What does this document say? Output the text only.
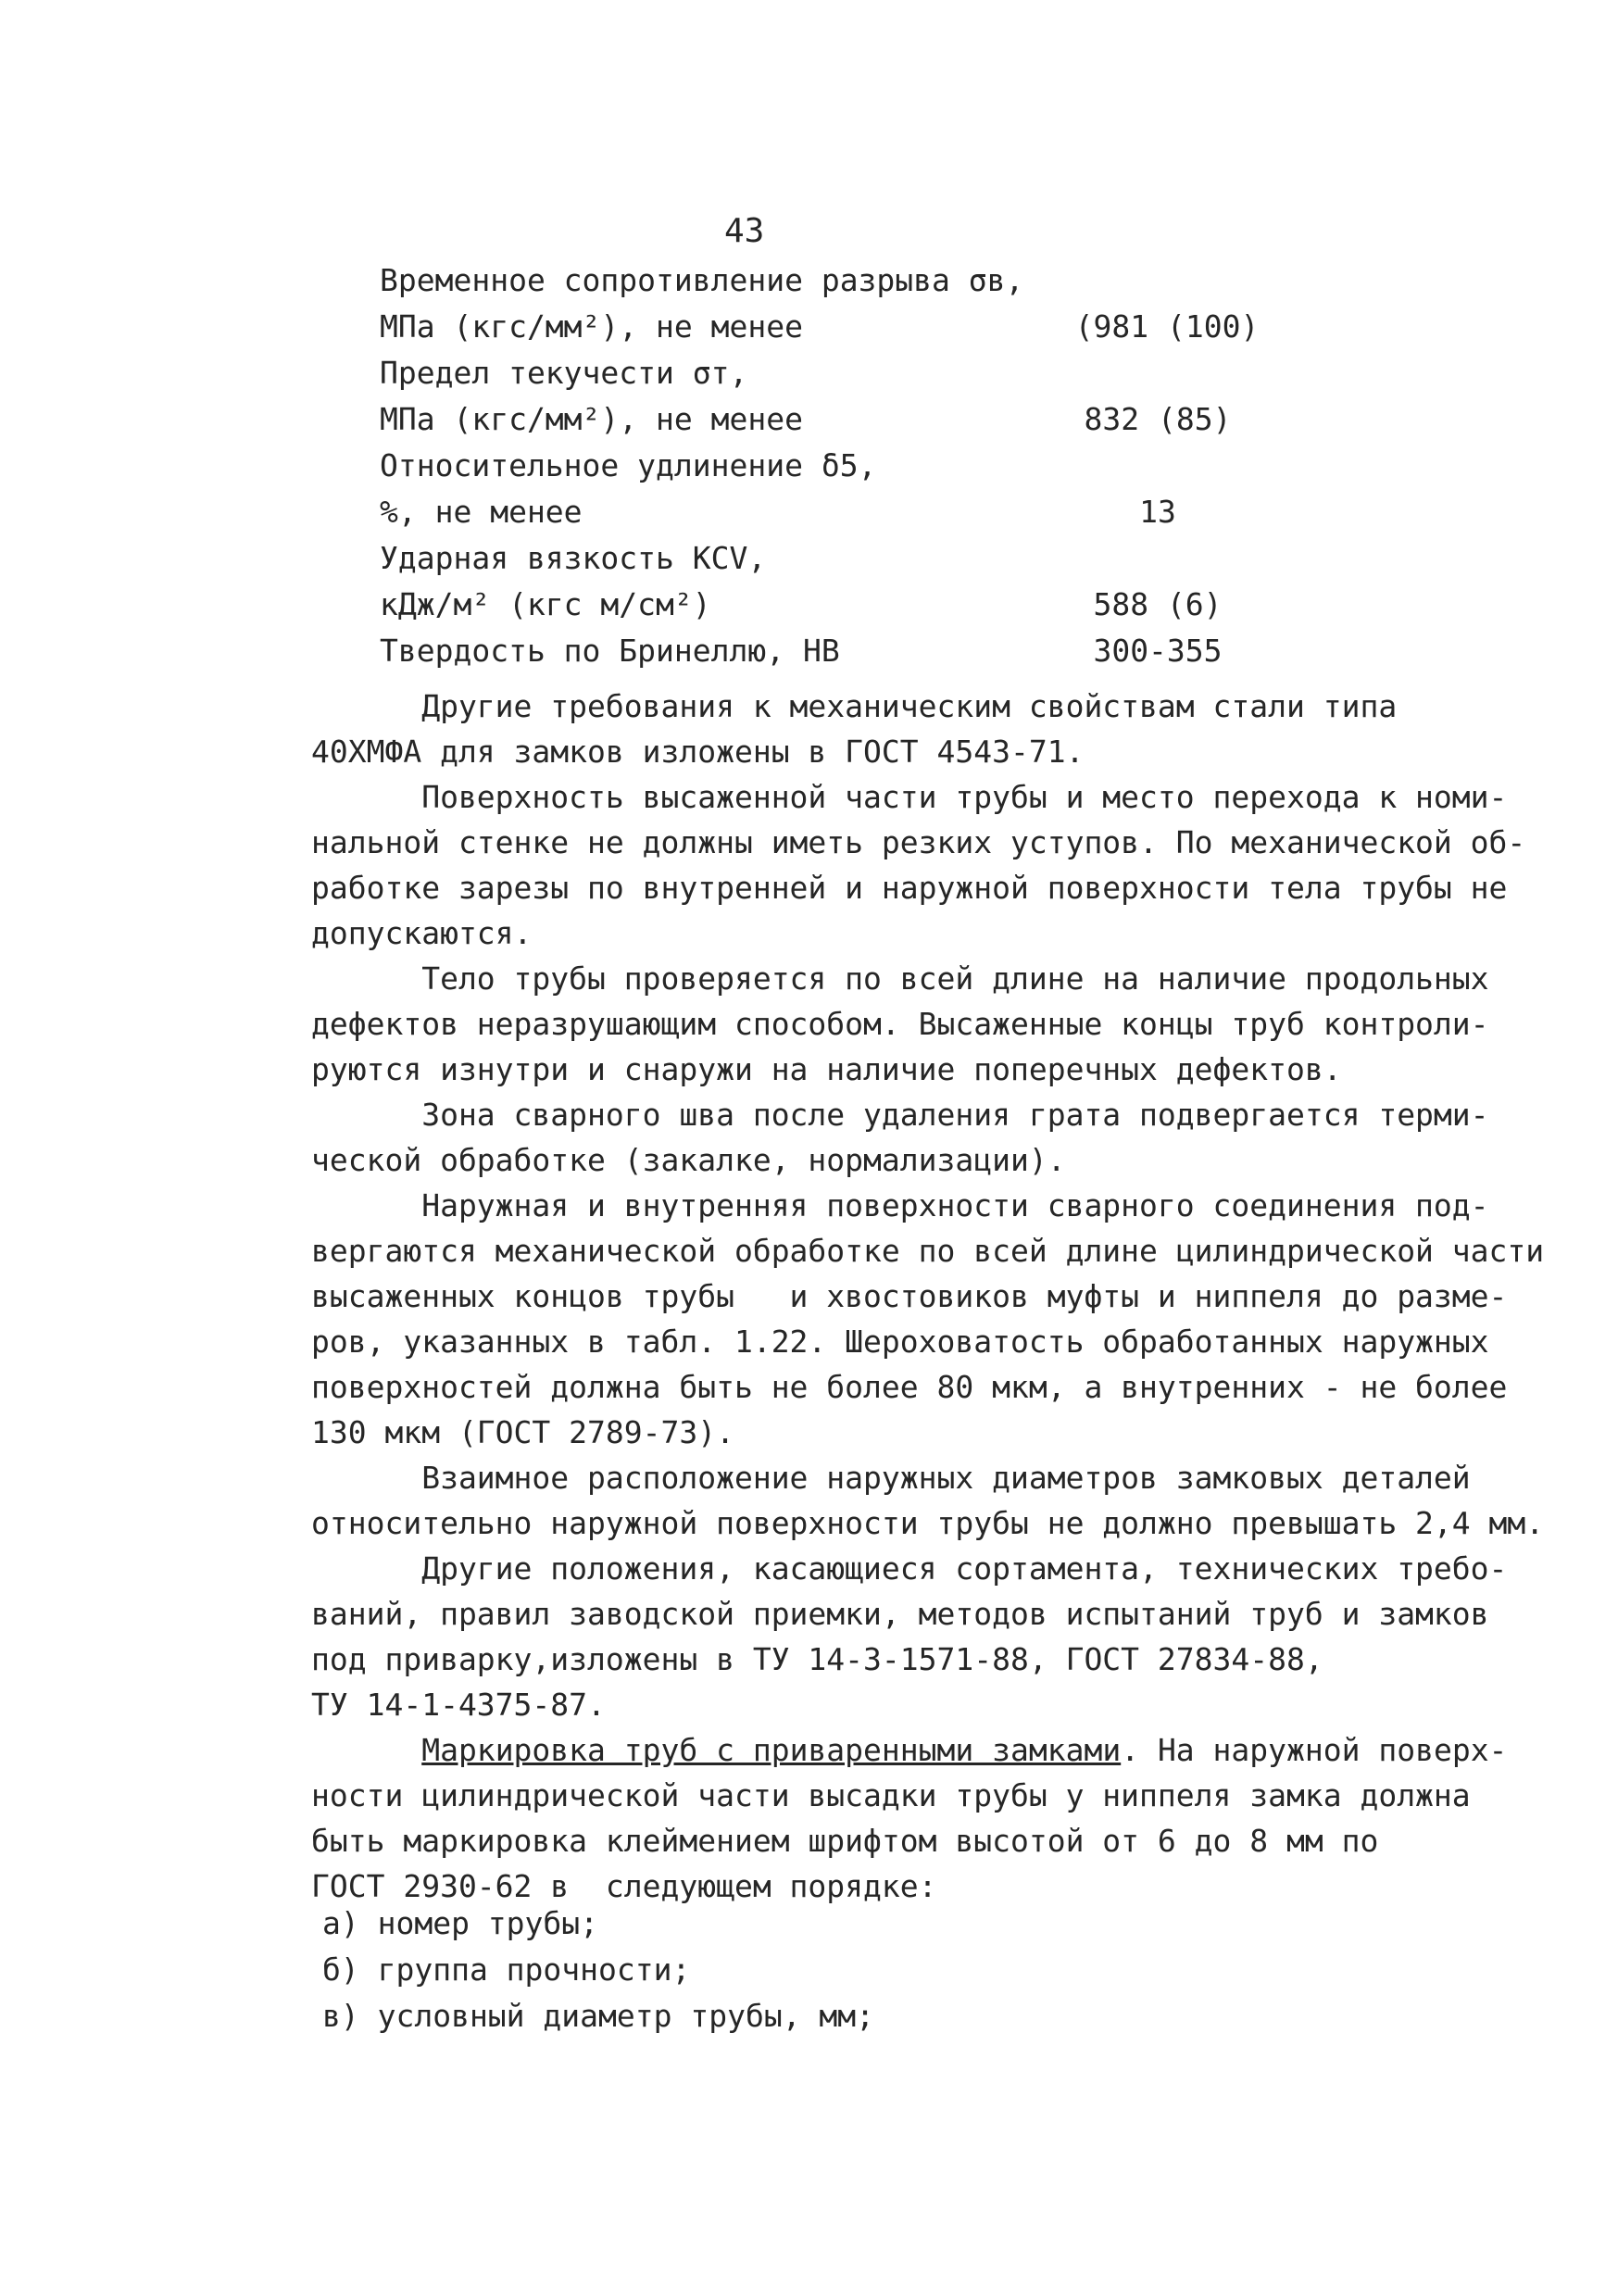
43
Временное сопротивление разрыва σв,
МПа (кгс/мм²), не менее	(981 (100)
Предел текучести σт,
МПа (кгс/мм²), не менее	832 (85)
Относительное удлинение δ5,
%, не менее	13
Ударная вязкость KCV,
кДж/м² (кгс м/см²)	588 (6)
Твердость по Бринеллю, HB	300-355

Другие требования к механическим свойствам стали типа
40ХМФА для замков изложены в ГОСТ 4543-71.

Поверхность высаженной части трубы и место перехода к номи-
нальной стенке не должны иметь резких уступов. По механической об-
работке зарезы по внутренней и наружной поверхности тела трубы не
допускаются.

Тело трубы проверяется по всей длине на наличие продольных
дефектов неразрушающим способом. Высаженные концы труб контроли-
руются изнутри и снаружи на наличие поперечных дефектов.

Зона сварного шва после удаления грата подвергается терми-
ческой обработке (закалке, нормализации).

Наружная и внутренняя поверхности сварного соединения под-
вергаются механической обработке по всей длине цилиндрической части
высаженных концов трубы   и хвостовиков муфты и ниппеля до разме-
ров, указанных в табл. 1.22. Шероховатость обработанных наружных
поверхностей должна быть не более 80 мкм, а внутренних - не более
130 мкм (ГОСТ 2789-73).

Взаимное расположение наружных диаметров замковых деталей
относительно наружной поверхности трубы не должно превышать 2,4 мм.

Другие положения, касающиеся сортамента, технических требо-
ваний, правил заводской приемки, методов испытаний труб и замков
под приварку,изложены в ТУ 14-3-1571-88, ГОСТ 27834-88,
ТУ 14-1-4375-87.

Маркировка труб с приваренными замками. На наружной поверх-
ности цилиндрической части высадки трубы у ниппеля замка должна
быть маркировка клеймением шрифтом высотой от 6 до 8 мм по
ГОСТ 2930-62 в  следующем порядке:

а) номер трубы;
б) группа прочности;
в) условный диаметр трубы, мм;
